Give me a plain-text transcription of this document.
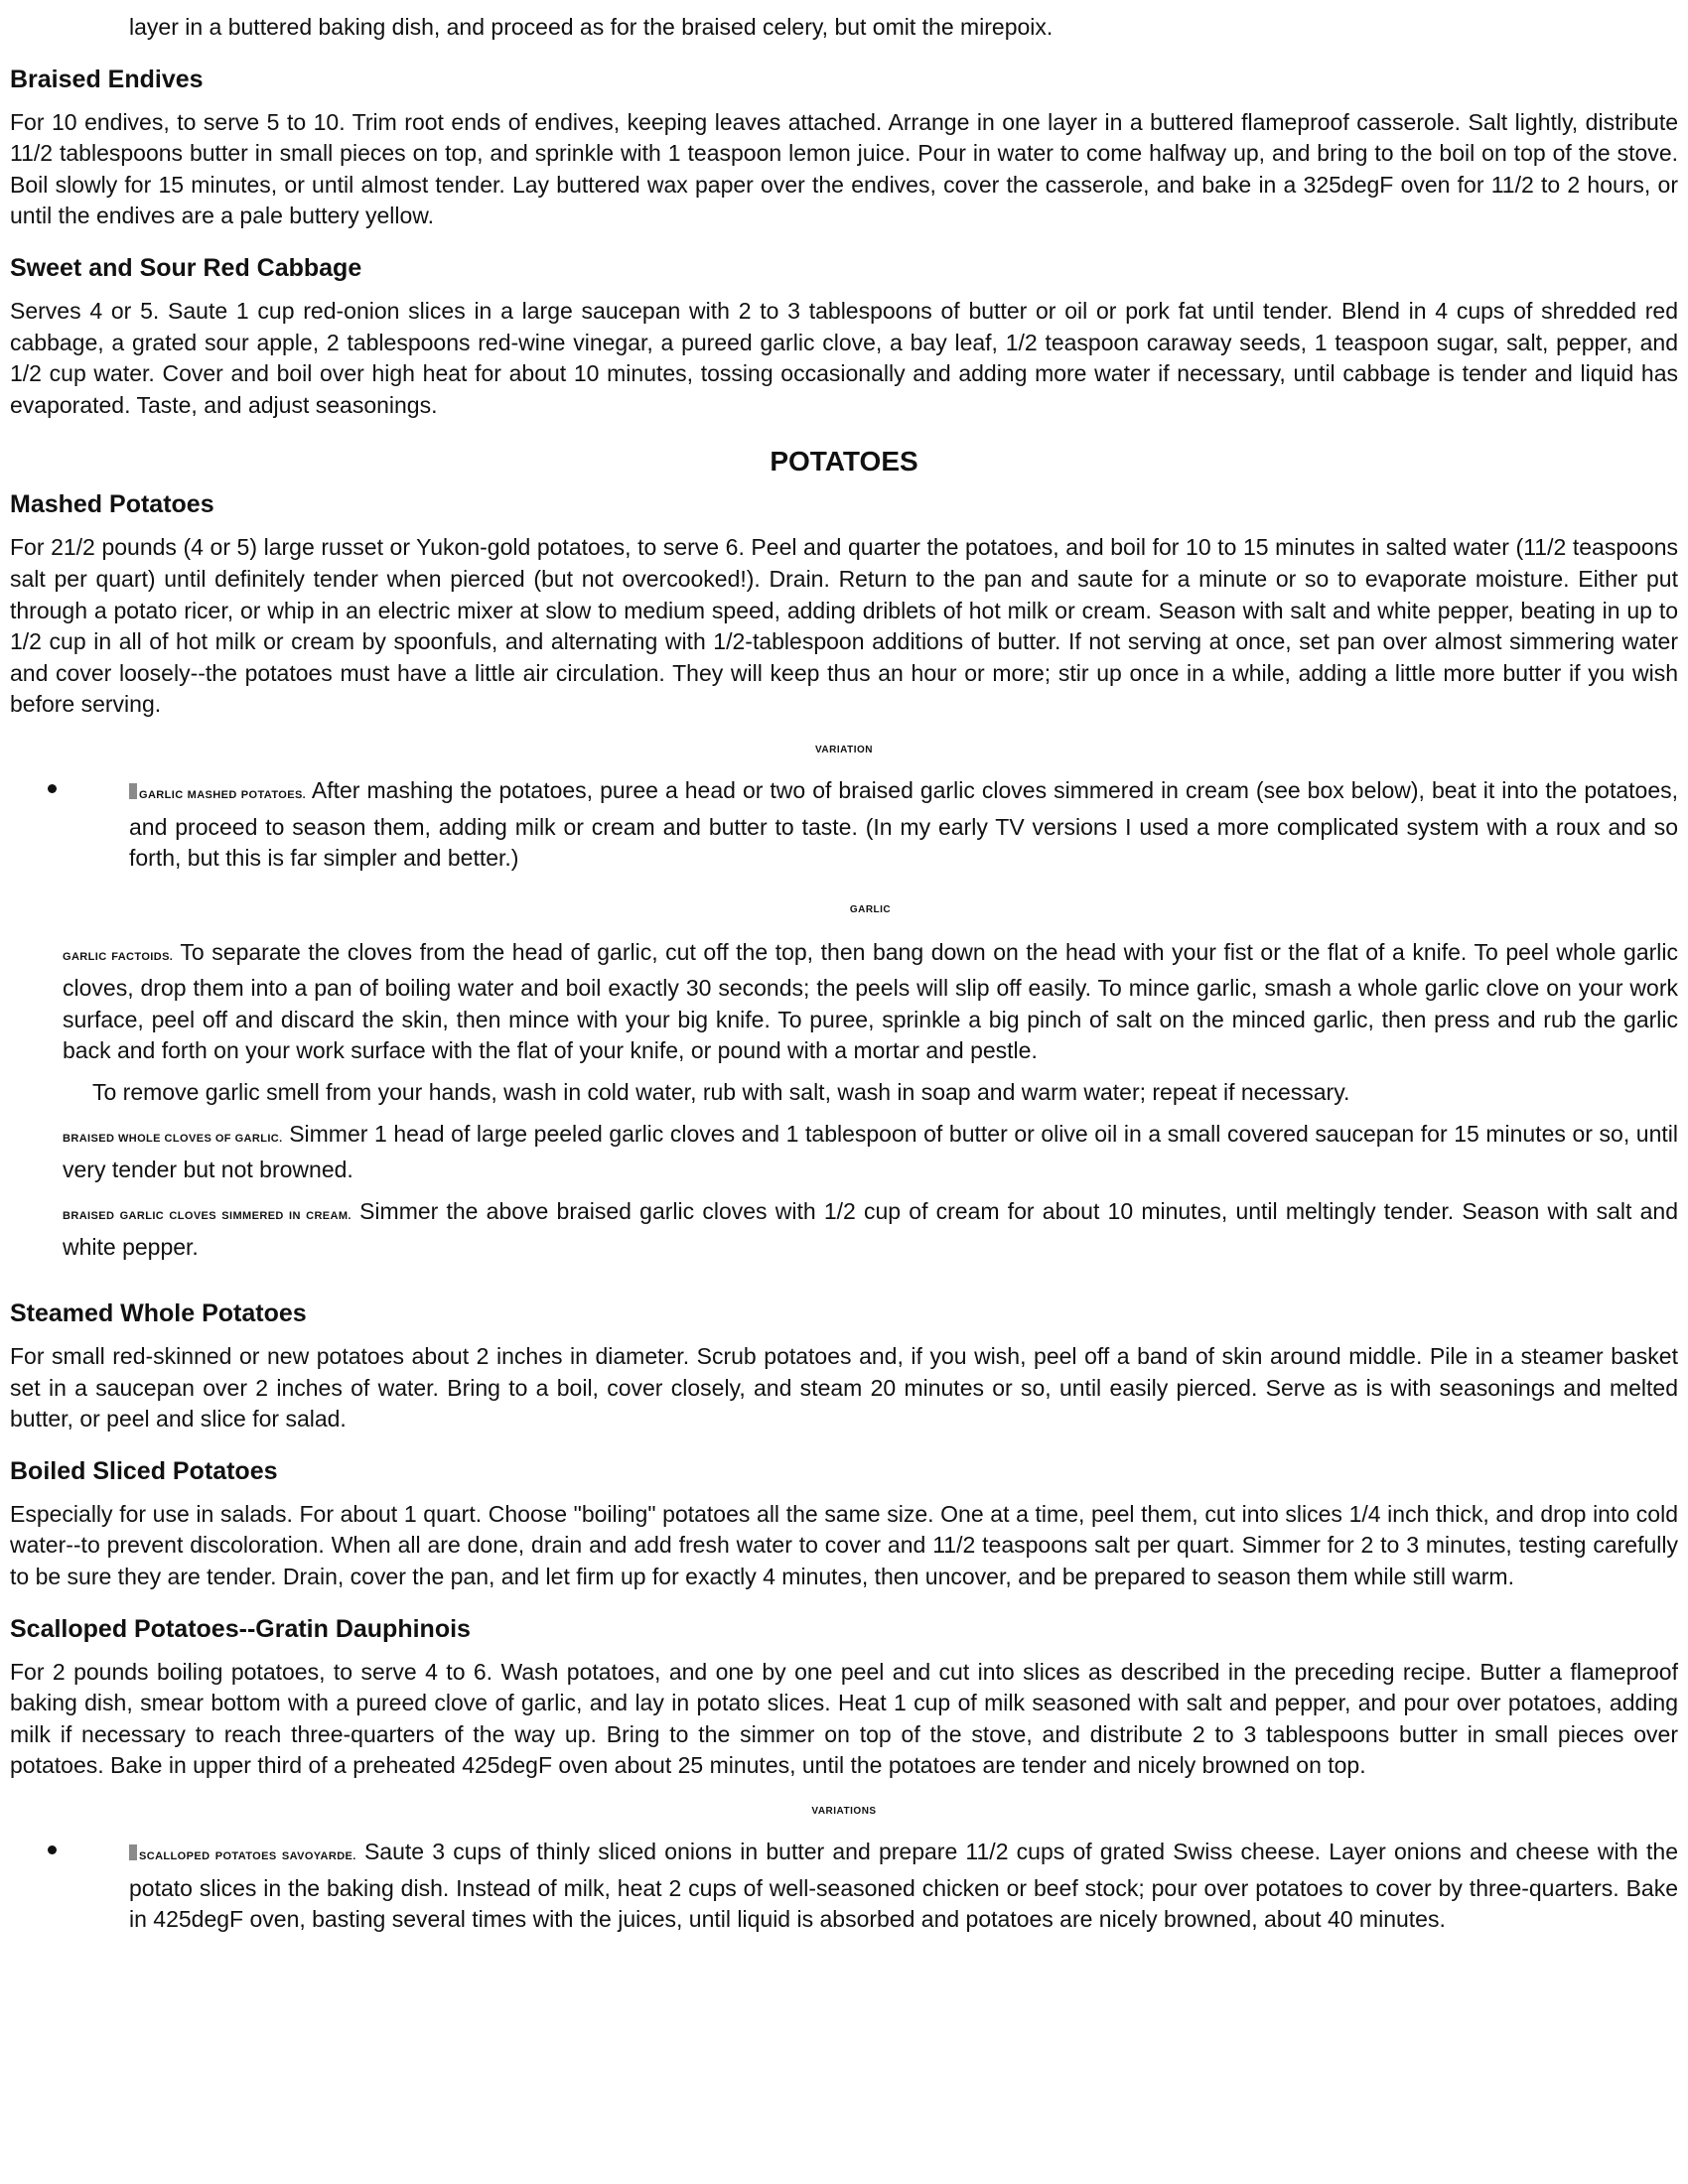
layer in a buttered baking dish, and proceed as for the braised celery, but omit the mirepoix.

Braised Endives

For 10 endives, to serve 5 to 10. Trim root ends of endives, keeping leaves attached. Arrange in one layer in a buttered flameproof casserole. Salt lightly, distribute 11/2 tablespoons butter in small pieces on top, and sprinkle with 1 teaspoon lemon juice. Pour in water to come halfway up, and bring to the boil on top of the stove. Boil slowly for 15 minutes, or until almost tender. Lay buttered wax paper over the endives, cover the casserole, and bake in a 325degF oven for 11/2 to 2 hours, or until the endives are a pale buttery yellow.

Sweet and Sour Red Cabbage

Serves 4 or 5. Saute 1 cup red-onion slices in a large saucepan with 2 to 3 tablespoons of butter or oil or pork fat until tender. Blend in 4 cups of shredded red cabbage, a grated sour apple, 2 tablespoons red-wine vinegar, a pureed garlic clove, a bay leaf, 1/2 teaspoon caraway seeds, 1 teaspoon sugar, salt, pepper, and 1/2 cup water. Cover and boil over high heat for about 10 minutes, tossing occasionally and adding more water if necessary, until cabbage is tender and liquid has evaporated. Taste, and adjust seasonings.

POTATOES
Mashed Potatoes

For 21/2 pounds (4 or 5) large russet or Yukon-gold potatoes, to serve 6. Peel and quarter the potatoes, and boil for 10 to 15 minutes in salted water (11/2 teaspoons salt per quart) until definitely tender when pierced (but not overcooked!). Drain. Return to the pan and saute for a minute or so to evaporate moisture. Either put through a potato ricer, or whip in an electric mixer at slow to medium speed, adding driblets of hot milk or cream. Season with salt and white pepper, beating in up to 1/2 cup in all of hot milk or cream by spoonfuls, and alternating with 1/2-tablespoon additions of butter. If not serving at once, set pan over almost simmering water and cover loosely--the potatoes must have a little air circulation. They will keep thus an hour or more; stir up once in a while, adding a little more butter if you wish before serving.

VARIATION

GARLIC MASHED POTATOES. After mashing the potatoes, puree a head or two of braised garlic cloves simmered in cream (see box below), beat it into the potatoes, and proceed to season them, adding milk or cream and butter to taste. (In my early TV versions I used a more complicated system with a roux and so forth, but this is far simpler and better.)

GARLIC

GARLIC FACTOIDS. To separate the cloves from the head of garlic, cut off the top, then bang down on the head with your fist or the flat of a knife. To peel whole garlic cloves, drop them into a pan of boiling water and boil exactly 30 seconds; the peels will slip off easily. To mince garlic, smash a whole garlic clove on your work surface, peel off and discard the skin, then mince with your big knife. To puree, sprinkle a big pinch of salt on the minced garlic, then press and rub the garlic back and forth on your work surface with the flat of your knife, or pound with a mortar and pestle.

To remove garlic smell from your hands, wash in cold water, rub with salt, wash in soap and warm water; repeat if necessary.

BRAISED WHOLE CLOVES OF GARLIC. Simmer 1 head of large peeled garlic cloves and 1 tablespoon of butter or olive oil in a small covered saucepan for 15 minutes or so, until very tender but not browned.

BRAISED GARLIC CLOVES SIMMERED IN CREAM. Simmer the above braised garlic cloves with 1/2 cup of cream for about 10 minutes, until meltingly tender. Season with salt and white pepper.

Steamed Whole Potatoes

For small red-skinned or new potatoes about 2 inches in diameter. Scrub potatoes and, if you wish, peel off a band of skin around middle. Pile in a steamer basket set in a saucepan over 2 inches of water. Bring to a boil, cover closely, and steam 20 minutes or so, until easily pierced. Serve as is with seasonings and melted butter, or peel and slice for salad.

Boiled Sliced Potatoes

Especially for use in salads. For about 1 quart. Choose "boiling" potatoes all the same size. One at a time, peel them, cut into slices 1/4 inch thick, and drop into cold water--to prevent discoloration. When all are done, drain and add fresh water to cover and 11/2 teaspoons salt per quart. Simmer for 2 to 3 minutes, testing carefully to be sure they are tender. Drain, cover the pan, and let firm up for exactly 4 minutes, then uncover, and be prepared to season them while still warm.

Scalloped Potatoes--Gratin Dauphinois

For 2 pounds boiling potatoes, to serve 4 to 6. Wash potatoes, and one by one peel and cut into slices as described in the preceding recipe. Butter a flameproof baking dish, smear bottom with a pureed clove of garlic, and lay in potato slices. Heat 1 cup of milk seasoned with salt and pepper, and pour over potatoes, adding milk if necessary to reach three-quarters of the way up. Bring to the simmer on top of the stove, and distribute 2 to 3 tablespoons butter in small pieces over potatoes. Bake in upper third of a preheated 425degF oven about 25 minutes, until the potatoes are tender and nicely browned on top.

VARIATIONS

SCALLOPED POTATOES SAVOYARDE. Saute 3 cups of thinly sliced onions in butter and prepare 11/2 cups of grated Swiss cheese. Layer onions and cheese with the potato slices in the baking dish. Instead of milk, heat 2 cups of well-seasoned chicken or beef stock; pour over potatoes to cover by three-quarters. Bake in 425degF oven, basting several times with the juices, until liquid is absorbed and potatoes are nicely browned, about 40 minutes.
